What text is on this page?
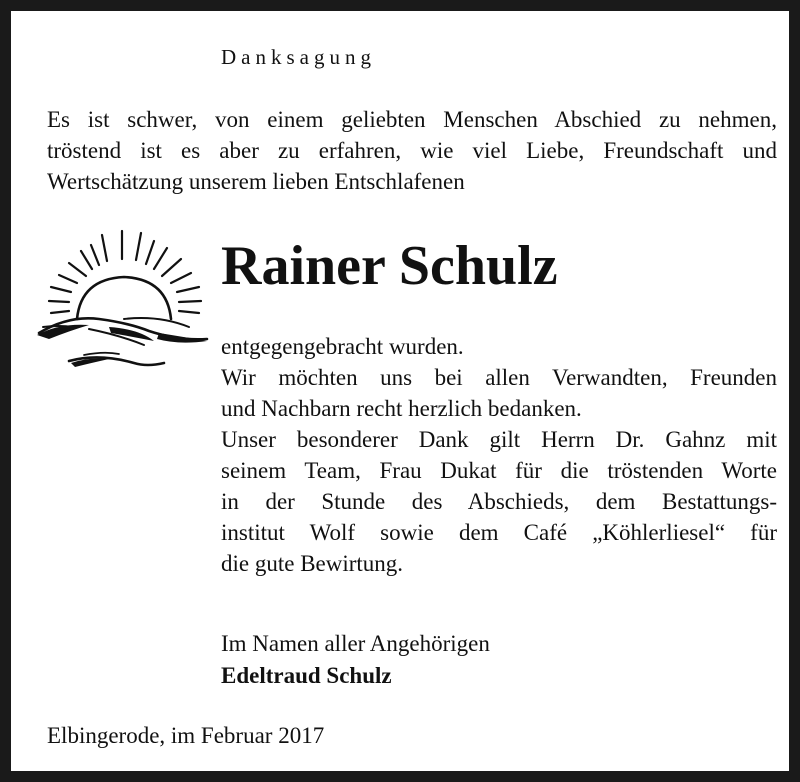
Danksagung

Es ist schwer, von einem geliebten Menschen Abschied zu nehmen,

tröstend ist es aber zu erfahren, wie viel Liebe, Freundschaft und

Wertschätzung unserem lieben Entschlafenen

Rainer Schulz

entgegengebracht wurden.

Wir möchten uns bei allen Verwandten, Freunden

und Nachbarn recht herzlich bedanken.

Unser besonderer Dank gilt Herrn Dr. Gahnz mit

seinem Team, Frau Dukat für die tröstenden Worte

in der Stunde des Abschieds, dem Bestattungs-

institut Wolf sowie dem Café „Köhlerliesel“ für

die gute Bewirtung.

Im Namen aller Angehörigen

Edeltraud Schulz

Elbingerode, im Februar 2017
